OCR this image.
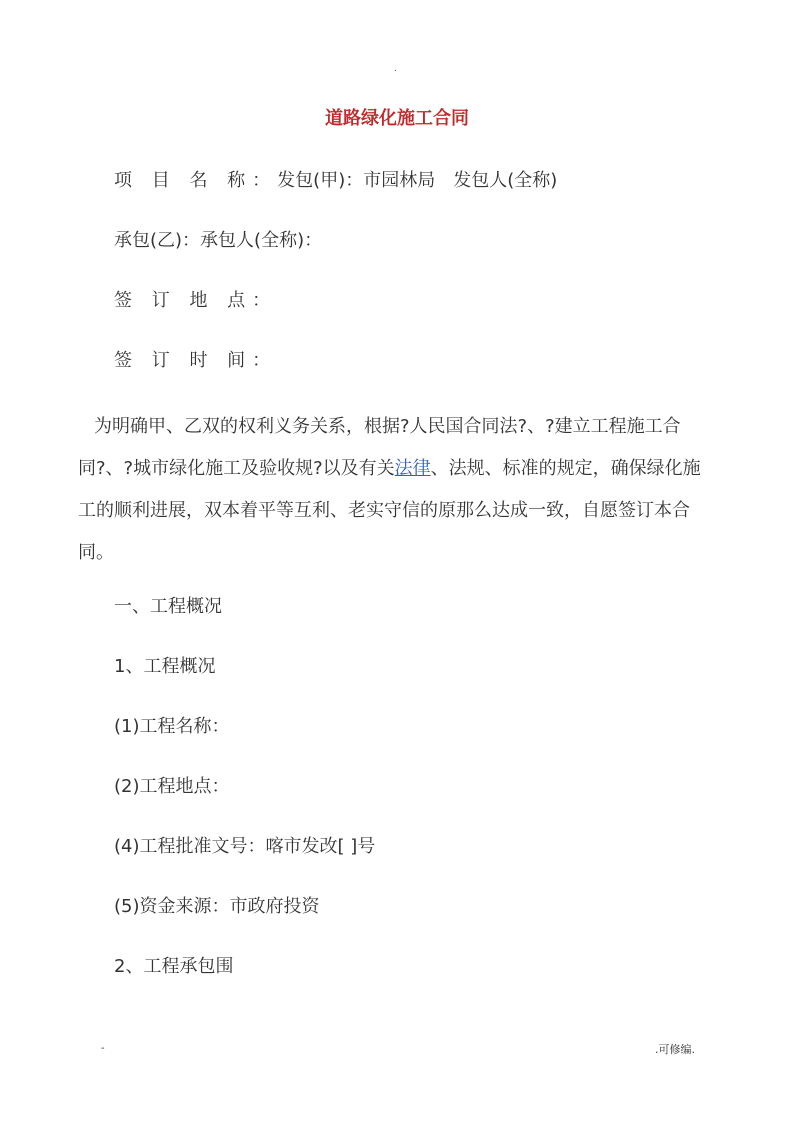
.
道路绿化施工合同
项 目 名 称：发包(甲)：市园林局　 发包人(全称)
承包(乙)：承包人(全称)：
签 订 地 点：
签 订 时 间：
为明确甲、乙双的权利义务关系，根据?人民国合同法?、?建立工程施工合同?、?城市绿化施工及验收规?以及有关法律、法规、标准的规定，确保绿化施工的顺利进展，双本着平等互利、老实守信的原那么达成一致，自愿签订本合同。
一、工程概况
1、工程概况
(1)工程名称：
(2)工程地点：
(4)工程批准文号：喀市发改[ ]号
(5)资金来源：市政府投资
2、工程承包围
-	.可修编.
